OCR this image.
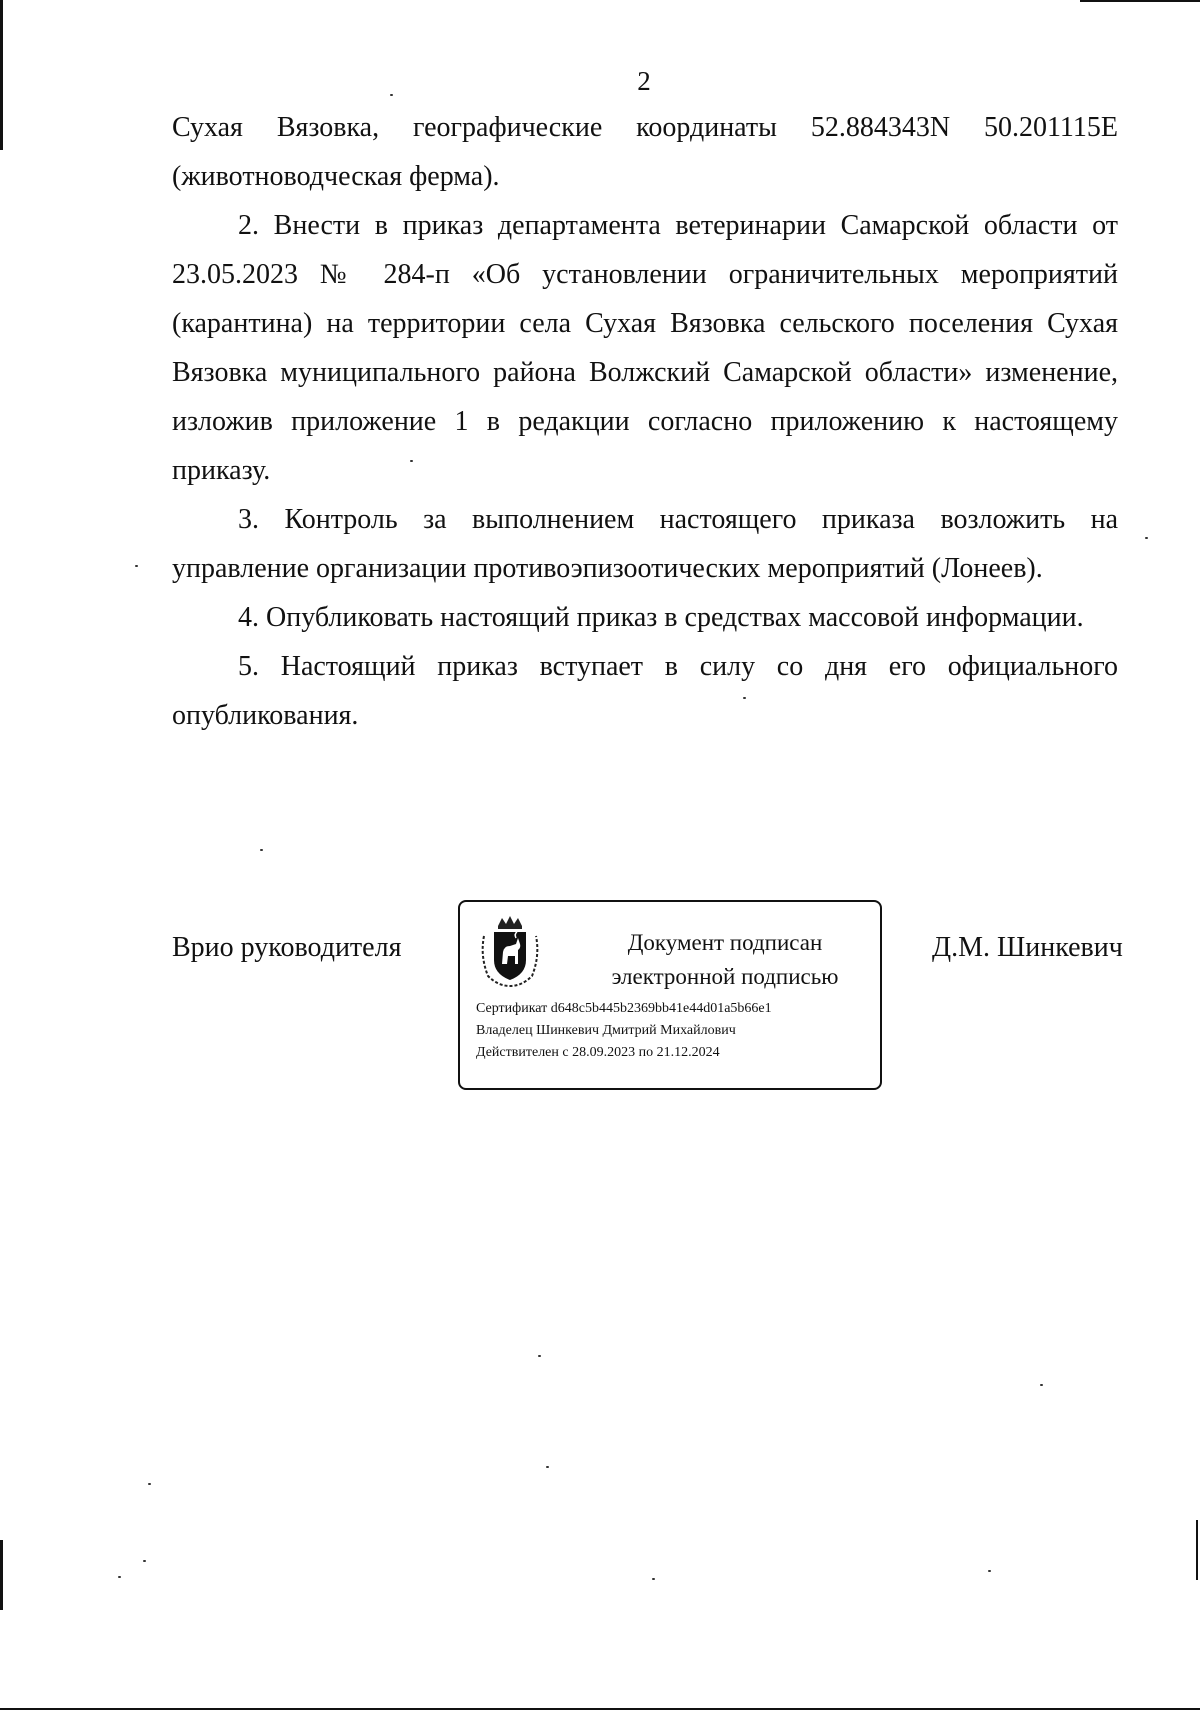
2

Сухая Вязовка, географические координаты 52.884343N 50.201115E (животноводческая ферма).

2. Внести в приказ департамента ветеринарии Самарской области от 23.05.2023 № 284-п «Об установлении ограничительных мероприятий (карантина) на территории села Сухая Вязовка сельского поселения Сухая Вязовка муниципального района Волжский Самарской области» изменение, изложив приложение 1 в редакции согласно приложению к настоящему приказу.

3. Контроль за выполнением настоящего приказа возложить на управление организации противоэпизоотических мероприятий (Лонеев).

4. Опубликовать настоящий приказ в средствах массовой информации.

5. Настоящий приказ вступает в силу со дня его официального опубликования.

Врио руководителя	Документ подписан
электронной подписью
Сертификат d648c5b445b2369bb41e44d01a5b66e1
Владелец Шинкевич Дмитрий Михайлович
Действителен с 28.09.2023 по 21.12.2024
Д.М. Шинкевич
